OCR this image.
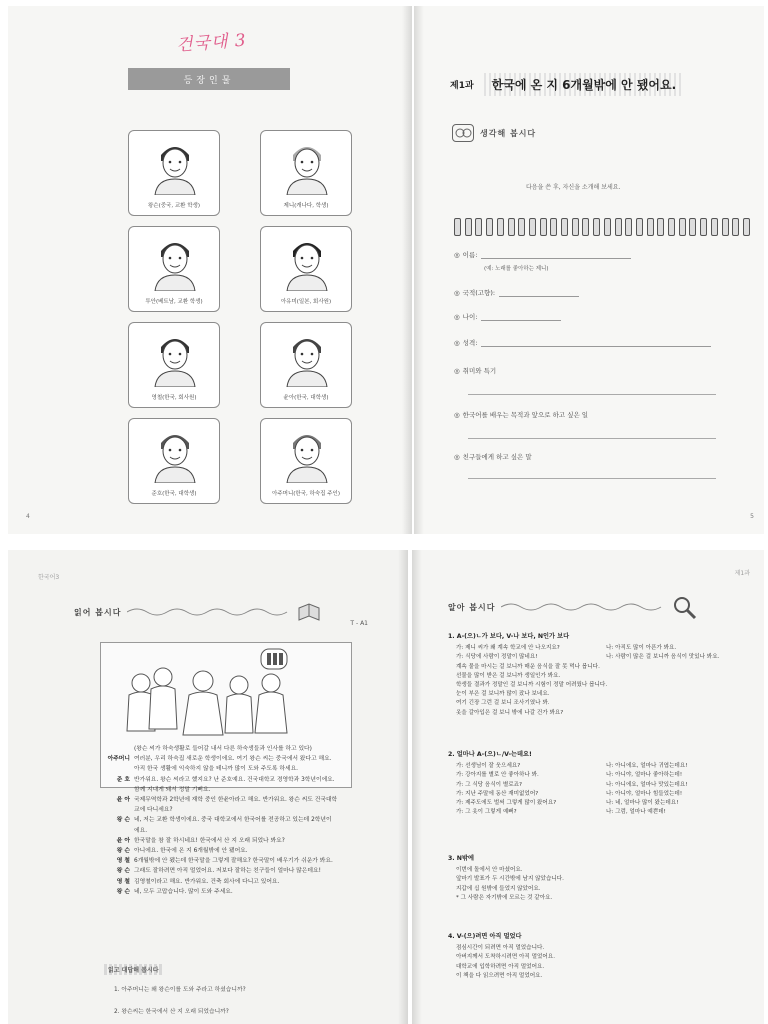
건국대 3
등장인물
왕슨(중국, 교환 학생)	제니(캐나다, 학생)
투안(베트남, 교환 학생)	아유미(일본, 회사원)
영철(한국, 회사원)	윤아(한국, 대학생)
준호(한국, 대학생)	아주머니(한국, 하숙집 주인)
4
제1과	한국에 온 지 6개월밖에 안 됐어요.
생각해 봅시다
다음을 쓴 후, 자신을 소개해 보세요.
◎ 이름:
(예: 노래를 좋아하는 제니)
◎ 국적(고향):
◎ 나이:
◎ 성격:
◎ 취미와 특기
◎ 한국어를 배우는 목적과 앞으로 하고 싶은 일
◎ 친구들에게 하고 싶은 말
5
한국어3
읽어 봅시다
T - A1
(왕슨 씨가 하숙생활로 들어갈 내서 다른 하숙생들과 인사를 하고 있다)
아주머니 여러분, 우리 하숙집 새로운 학생이에요. 여기 왕슨 씨는 중국에서 왔다고 해요.
아직 한국 생활에 익숙하지 않을 테니까 많이 도와 주도록 하세요.
준 호 반가워요. 왕슨 씨라고 했지요? 난 준호예요. 건국대학교 경영학과 3학년이에요.
함께 지내게 돼서 정말 기뻐요.
윤 아 국제무역학과 2학년에 재학 중인 한윤아라고 해요. 반가워요. 왕슨 씨도 건국대학
교에 다니세요?
왕 슨 네, 저는 교환 학생이에요. 중국 대학교에서 한국어를 전공하고 있는데 2학년이
에요.
윤 아 한국말을 참 잘 하시네요! 한국에서 산 지 오래 되었나 봐요?
왕 슨 아니에요. 한국에 온 지 6개월밖에 안 됐어요.
영 철 6개월밖에 안 됐는데 한국말을 그렇게 잘해요? 한국말이 배우기가 쉬운가 봐요.
왕 슨 그래도 잘하려면 아직 멀었어요. 저보다 잘하는 친구들이 얼마나 많은데요!
영 철 김영철이라고 해요. 반가워요. 건축 회사에 다니고 있어요.
왕 슨 네, 모두 고맙습니다. 많이 도와 주세요.
읽고 대답해 봅시다
1. 아주머니는 왜 왕슨이를 도와 주라고 하셨습니까?
2. 왕슨씨는 한국에서 산 지 오래 되었습니까?
제1과
알아 봅시다
1. A-(으)ㄴ가 보다, V-나 보다, N인가 보다
가: 제니 씨가 왜 계속 학교에 안 나오지요?	나: 아직도 많이 아픈가 봐요.
가: 식당에 사람이 정말이 많네요!	나: 사람이 많은 걸 보니까 음식이 맛있나 봐요.
계속 물을 마시는 걸 보니까 매운 음식을 잘 못 먹나 봅니다.
선물을 많이 받은 걸 보니까 생일인가 봐요.
학생들 결과가 정말인 걸 보니까 시험이 정말 어려웠나 봅니다.
눈이 부은 걸 보니까 많이 잤나 보네요.
여기 긴장 그런 걸 보니 조사기였나 봐.
옷을 갈아입은 걸 보니 밖에 나갈 건가 봐요?
2. 얼마나 A-(으)ㄴ/V-는데요!
가: 선생님이 잘 웃으세요?	나: 아니에요, 얼마나 귀엽는데요!
가: 강아지를 별로 안 좋아하나 봐.	나: 아니야, 얼마나 좋아하는데!
가: 그 식당 음식이 별로죠?	나: 아니에요, 얼마나 맛있는데요!
가: 지난 주말에 동산 재미없었어?	나: 아니야, 얼마나 힘들었는데!
가: 제주도에도 벌써 그렇게 많이 왔어요?	나: 네, 얼마나 많이 왔는데요!
가: 그 옷이 그렇게 예뻐?	나: 그럼, 얼마나 예쁜데!
3. N밖에
이번에 돌에서 안 마셨어요.
앞마기 발표가 두 시간밖에 남지 않았습니다.
지갑에 십 원밖에 들었지 않았어요.
* 그 사람은 자기밖에 모르는 것 같아요.
4. V-(으)려면 아직 멀었다
점심시간이 되려면 아직 멀었습니다.
아버지께서 도착하시려면 아직 멀었어요.
대학교에 입학하려면 아직 멀었어요.
이 책을 다 읽으려면 아직 멀었어요.
